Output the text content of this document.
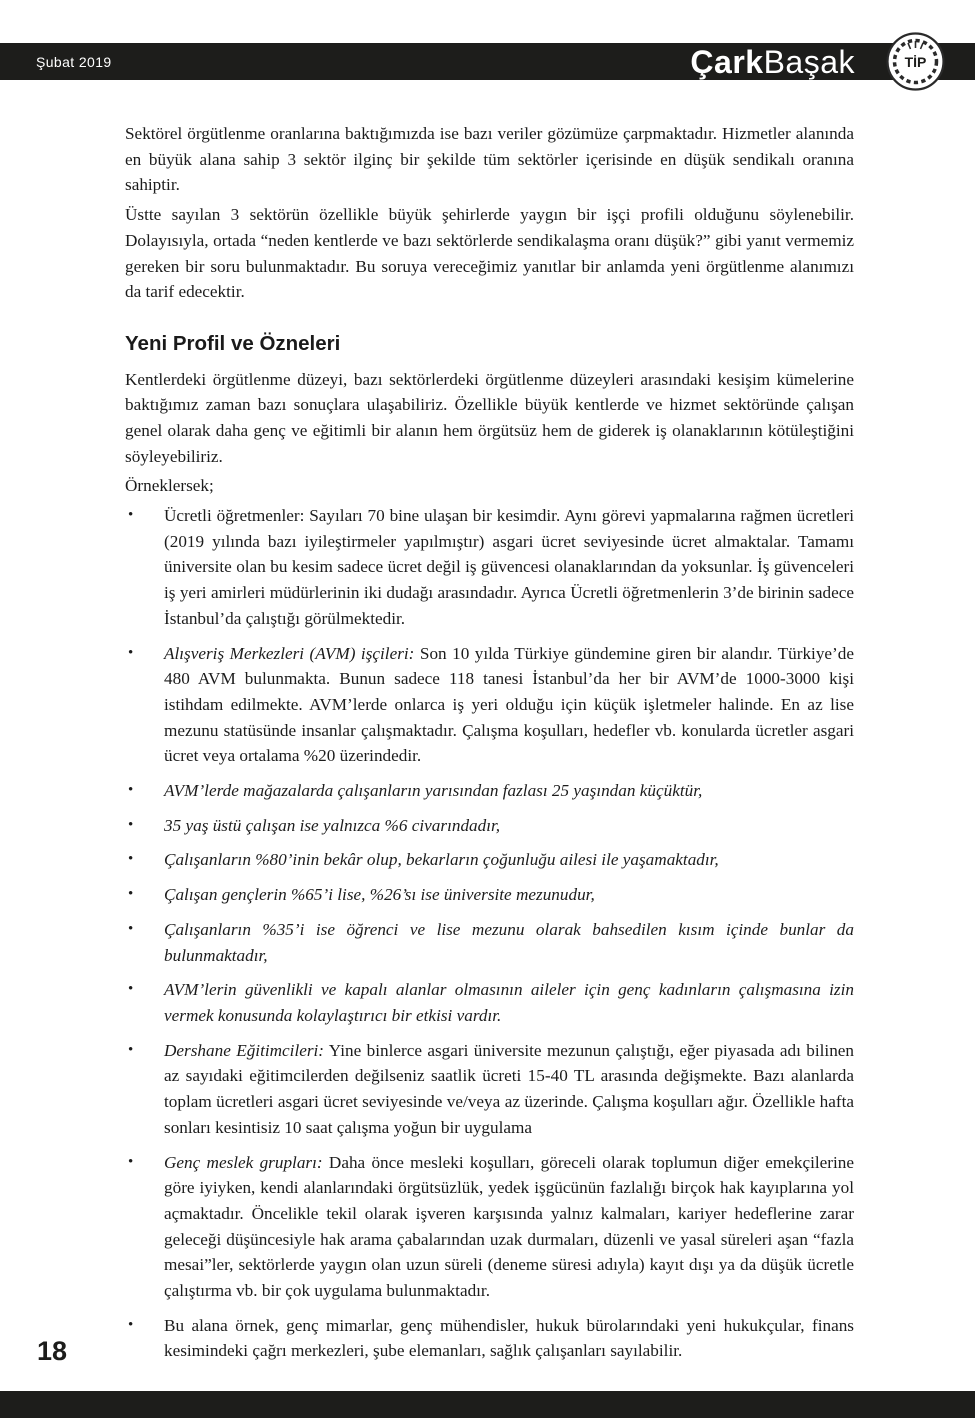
Şubat 2019	ÇarkBaşak	TİP

Sektörel örgütlenme oranlarına baktığımızda ise bazı veriler gözümüze çarpmaktadır. Hizmetler alanında en büyük alana sahip 3 sektör ilginç bir şekilde tüm sektörler içerisinde en düşük sendikalı oranına sahiptir.

Üstte sayılan 3 sektörün özellikle büyük şehirlerde yaygın bir işçi profili olduğunu söylenebilir. Dolayısıyla, ortada “neden kentlerde ve bazı sektörlerde sendikalaşma oranı düşük?” gibi yanıt vermemiz gereken bir soru bulunmaktadır. Bu soruya vereceğimiz yanıtlar bir anlamda yeni örgütlenme alanımızı da tarif edecektir.

Yeni Profil ve Özneleri

Kentlerdeki örgütlenme düzeyi, bazı sektörlerdeki örgütlenme düzeyleri arasındaki kesişim kümelerine baktığımız zaman bazı sonuçlara ulaşabiliriz. Özellikle büyük kentlerde ve hizmet sektöründe çalışan genel olarak daha genç ve eğitimli bir alanın hem örgütsüz hem de giderek iş olanaklarının kötüleştiğini söyleyebiliriz.

Örneklersek;

• Ücretli öğretmenler: Sayıları 70 bine ulaşan bir kesimdir. Aynı görevi yapmalarına rağmen ücretleri (2019 yılında bazı iyileştirmeler yapılmıştır) asgari ücret seviyesinde ücret almaktalar. Tamamı üniversite olan bu kesim sadece ücret değil iş güvencesi olanaklarından da yoksunlar. İş güvenceleri iş yeri amirleri müdürlerinin iki dudağı arasındadır. Ayrıca Ücretli öğretmenlerin 3’de birinin sadece İstanbul’da çalıştığı görülmektedir.
• Alışveriş Merkezleri (AVM) işçileri: Son 10 yılda Türkiye gündemine giren bir alandır. Türkiye’de 480 AVM bulunmakta. Bunun sadece 118 tanesi İstanbul’da her bir AVM’de 1000-3000 kişi istihdam edilmekte. AVM’lerde onlarca iş yeri olduğu için küçük işletmeler halinde. En az lise mezunu statüsünde insanlar çalışmaktadır. Çalışma koşulları, hedefler vb. konularda ücretler asgari ücret veya ortalama %20 üzerindedir.
• AVM’lerde mağazalarda çalışanların yarısından fazlası 25 yaşından küçüktür,
• 35 yaş üstü çalışan ise yalnızca %6 civarındadır,
• Çalışanların %80’inin bekâr olup, bekarların çoğunluğu ailesi ile yaşamaktadır,
• Çalışan gençlerin %65’i lise, %26’sı ise üniversite mezunudur,
• Çalışanların %35’i ise öğrenci ve lise mezunu olarak bahsedilen kısım içinde bunlar da bulunmaktadır,
• AVM’lerin güvenlikli ve kapalı alanlar olmasının aileler için genç kadınların çalışmasına izin vermek konusunda kolaylaştırıcı bir etkisi vardır.
• Dershane Eğitimcileri: Yine binlerce asgari üniversite mezunun çalıştığı, eğer piyasada adı bilinen az sayıdaki eğitimcilerden değilseniz saatlik ücreti 15-40 TL arasında değişmekte. Bazı alanlarda toplam ücretleri asgari ücret seviyesinde ve/veya az üzerinde. Çalışma koşulları ağır. Özellikle hafta sonları kesintisiz 10 saat çalışma yoğun bir uygulama
• Genç meslek grupları: Daha önce mesleki koşulları, göreceli olarak toplumun diğer emekçilerine göre iyiyken, kendi alanlarındaki örgütsüzlük, yedek işgücünün fazlalığı birçok hak kayıplarına yol açmaktadır. Öncelikle tekil olarak işveren karşısında yalnız kalmaları, kariyer hedeflerine zarar geleceği düşüncesiyle hak arama çabalarından uzak durmaları, düzenli ve yasal süreleri aşan “fazla mesai”ler, sektörlerde yaygın olan uzun süreli (deneme süresi adıyla) kayıt dışı ya da düşük ücretle çalıştırma vb. bir çok uygulama bulunmaktadır.
• Bu alana örnek, genç mimarlar, genç mühendisler, hukuk bürolarındaki yeni hukukçular, finans kesimindeki çağrı merkezleri, şube elemanları, sağlık çalışanları sayılabilir.
18
